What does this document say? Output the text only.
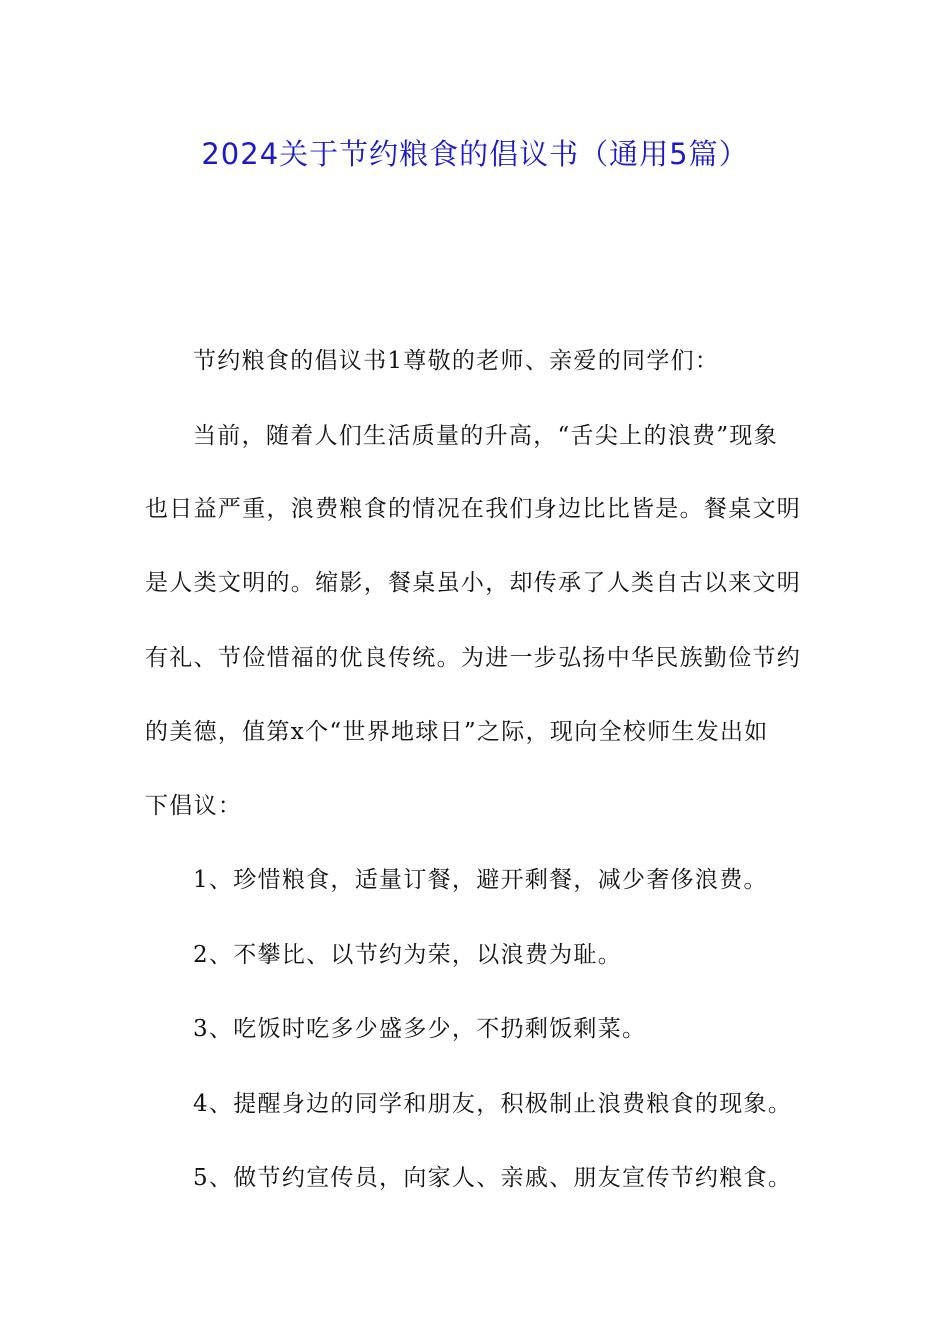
2024关于节约粮食的倡议书（通用5篇）
节约粮食的倡议书1尊敬的老师、亲爱的同学们：
当前，随着人们生活质量的升高，“舌尖上的浪费”现象
也日益严重，浪费粮食的情况在我们身边比比皆是。餐桌文明
是人类文明的。缩影，餐桌虽小，却传承了人类自古以来文明
有礼、节俭惜福的优良传统。为进一步弘扬中华民族勤俭节约
的美德，值第x个“世界地球日”之际，现向全校师生发出如
下倡议：
1、珍惜粮食，适量订餐，避开剩餐，减少奢侈浪费。
2、不攀比、以节约为荣，以浪费为耻。
3、吃饭时吃多少盛多少，不扔剩饭剩菜。
4、提醒身边的同学和朋友，积极制止浪费粮食的现象。
5、做节约宣传员，向家人、亲戚、朋友宣传节约粮食。
